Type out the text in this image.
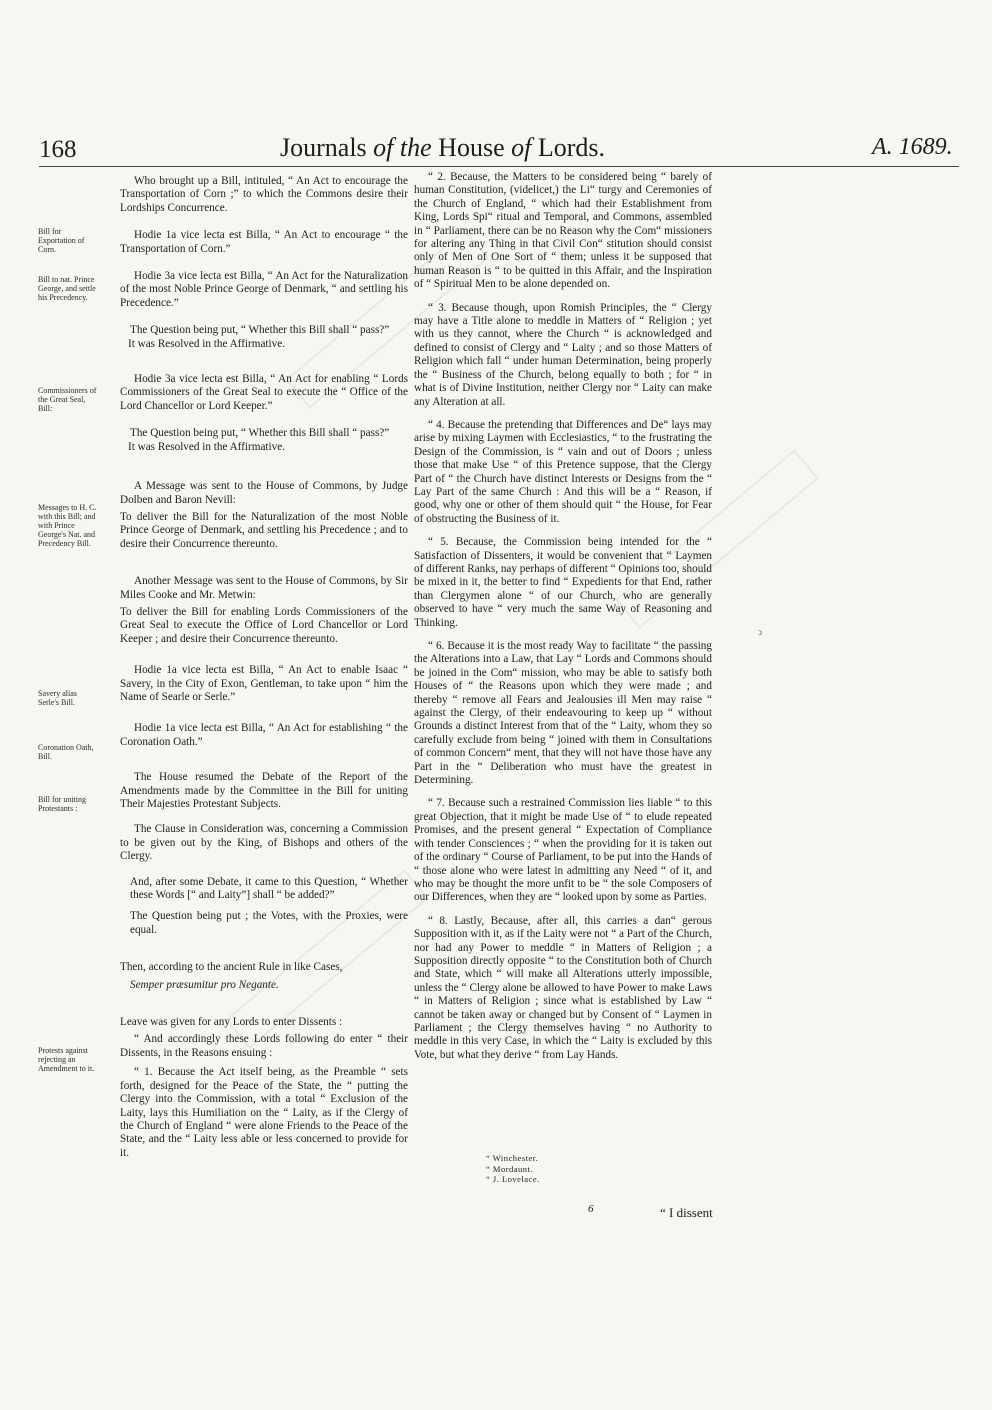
168	Journals of the House of Lords.	A. 1689.
Bill for Exportation of Corn.
Bill to nat. Prince George, and settle his Precedency.
Commissioners of the Great Seal, Bill:
Messages to H. C. with this Bill; and with Prince George's Nat. and Precedency Bill.
Savery alias Serle's Bill.
Coronation Oath, Bill.
Bill for uniting Protestants :
Protests against rejecting an Amendment to it.

Who brought up a Bill, intituled, “ An Act to encourage the Transportation of Corn ;” to which the Commons desire their Lordships Concurrence.

Hodie 1a vice lecta est Billa, “ An Act to encourage “ the Transportation of Corn.”

Hodie 3a vice lecta est Billa, “ An Act for the Naturalization of the most Noble Prince George of Denmark, “ and settling his Precedence.”

The Question being put, “ Whether this Bill shall “ pass?”

It was Resolved in the Affirmative.

Hodie 3a vice lecta est Billa, “ An Act for enabling “ Lords Commissioners of the Great Seal to execute the “ Office of the Lord Chancellor or Lord Keeper.”

The Question being put, “ Whether this Bill shall “ pass?”

It was Resolved in the Affirmative.

A Message was sent to the House of Commons, by Judge Dolben and Baron Nevill:

To deliver the Bill for the Naturalization of the most Noble Prince George of Denmark, and settling his Precedence ; and to desire their Concurrence thereunto.

Another Message was sent to the House of Commons, by Sir Miles Cooke and Mr. Metwin:

To deliver the Bill for enabling Lords Commissioners of the Great Seal to execute the Office of Lord Chancellor or Lord Keeper ; and desire their Concurrence thereunto.

Hodie 1a vice lecta est Billa, “ An Act to enable Isaac “ Savery, in the City of Exon, Gentleman, to take upon “ him the Name of Searle or Serle.”

Hodie 1a vice lecta est Billa, “ An Act for establishing “ the Coronation Oath.”

The House resumed the Debate of the Report of the Amendments made by the Committee in the Bill for uniting Their Majesties Protestant Subjects.

The Clause in Consideration was, concerning a Commission to be given out by the King, of Bishops and others of the Clergy.

And, after some Debate, it came to this Question, “ Whether these Words [“ and Laity”] shall “ be added?”

The Question being put ; the Votes, with the Proxies, were equal.

Then, according to the ancient Rule in like Cases,

Semper præsumitur pro Negante.

Leave was given for any Lords to enter Dissents :

“ And accordingly these Lords following do enter “ their Dissents, in the Reasons ensuing :

“ 1. Because the Act itself being, as the Preamble “ sets forth, designed for the Peace of the State, the “ putting the Clergy into the Commission, with a total “ Exclusion of the Laity, lays this Humiliation on the “ Laity, as if the Clergy of the Church of England “ were alone Friends to the Peace of the State, and the “ Laity less able or less concerned to provide for it.

“ 2. Because, the Matters to be considered being “ barely of human Constitution, (videlicet,) the Li“ turgy and Ceremonies of the Church of England, “ which had their Establishment from King, Lords Spi“ ritual and Temporal, and Commons, assembled in “ Parliament, there can be no Reason why the Com“ missioners for altering any Thing in that Civil Con“ stitution should consist only of Men of One Sort of “ them; unless it be supposed that human Reason is “ to be quitted in this Affair, and the Inspiration of “ Spiritual Men to be alone depended on.

“ 3. Because though, upon Romish Principles, the “ Clergy may have a Title alone to meddle in Matters of “ Religion ; yet with us they cannot, where the Church “ is acknowledged and defined to consist of Clergy and “ Laity ; and so those Matters of Religion which fall “ under human Determination, being properly the “ Business of the Church, belong equally to both ; for “ in what is of Divine Institution, neither Clergy nor “ Laity can make any Alteration at all.

“ 4. Because the pretending that Differences and De“ lays may arise by mixing Laymen with Ecclesiastics, “ to the frustrating the Design of the Commission, is “ vain and out of Doors ; unless those that make Use “ of this Pretence suppose, that the Clergy Part of “ the Church have distinct Interests or Designs from the “ Lay Part of the same Church : And this will be a “ Reason, if good, why one or other of them should quit “ the House, for Fear of obstructing the Business of it.

“ 5. Because, the Commission being intended for the “ Satisfaction of Dissenters, it would be convenient that “ Laymen of different Ranks, nay perhaps of different “ Opinions too, should be mixed in it, the better to find “ Expedients for that End, rather than Clergymen alone “ of our Church, who are generally observed to have “ very much the same Way of Reasoning and Thinking.

“ 6. Because it is the most ready Way to facilitate “ the passing the Alterations into a Law, that Lay “ Lords and Commons should be joined in the Com“ mission, who may be able to satisfy both Houses of “ the Reasons upon which they were made ; and thereby “ remove all Fears and Jealousies ill Men may raise “ against the Clergy, of their endeavouring to keep up “ without Grounds a distinct Interest from that of the “ Laity, whom they so carefully exclude from being “ joined with them in Consultations of common Concern“ ment, that they will not have those have any Part in the “ Deliberation who must have the greatest in Determining.

“ 7. Because such a restrained Commission lies liable “ to this great Objection, that it might be made Use of “ to elude repeated Promises, and the present general “ Expectation of Compliance with tender Consciences ; “ when the providing for it is taken out of the ordinary “ Course of Parliament, to be put into the Hands of “ those alone who were latest in admitting any Need “ of it, and who may be thought the more unfit to be “ the sole Composers of our Differences, when they are “ looked upon by some as Parties.

“ 8. Lastly, Because, after all, this carries a dan“ gerous Supposition with it, as if the Laity were not “ a Part of the Church, nor had any Power to meddle “ in Matters of Religion ; a Supposition directly opposite “ to the Constitution both of Church and State, which “ will make all Alterations utterly impossible, unless the “ Clergy alone be allowed to have Power to make Laws “ in Matters of Religion ; since what is established by Law “ cannot be taken away or changed but by Consent of “ Laymen in Parliament ; the Clergy themselves having “ no Authority to meddle in this very Case, in which the “ Laity is excluded by this Vote, but what they derive “ from Lay Hands.

“ Winchester.
“ Mordaunt.
“ J. Lovelace.
6	“ I dissent
ↄ
